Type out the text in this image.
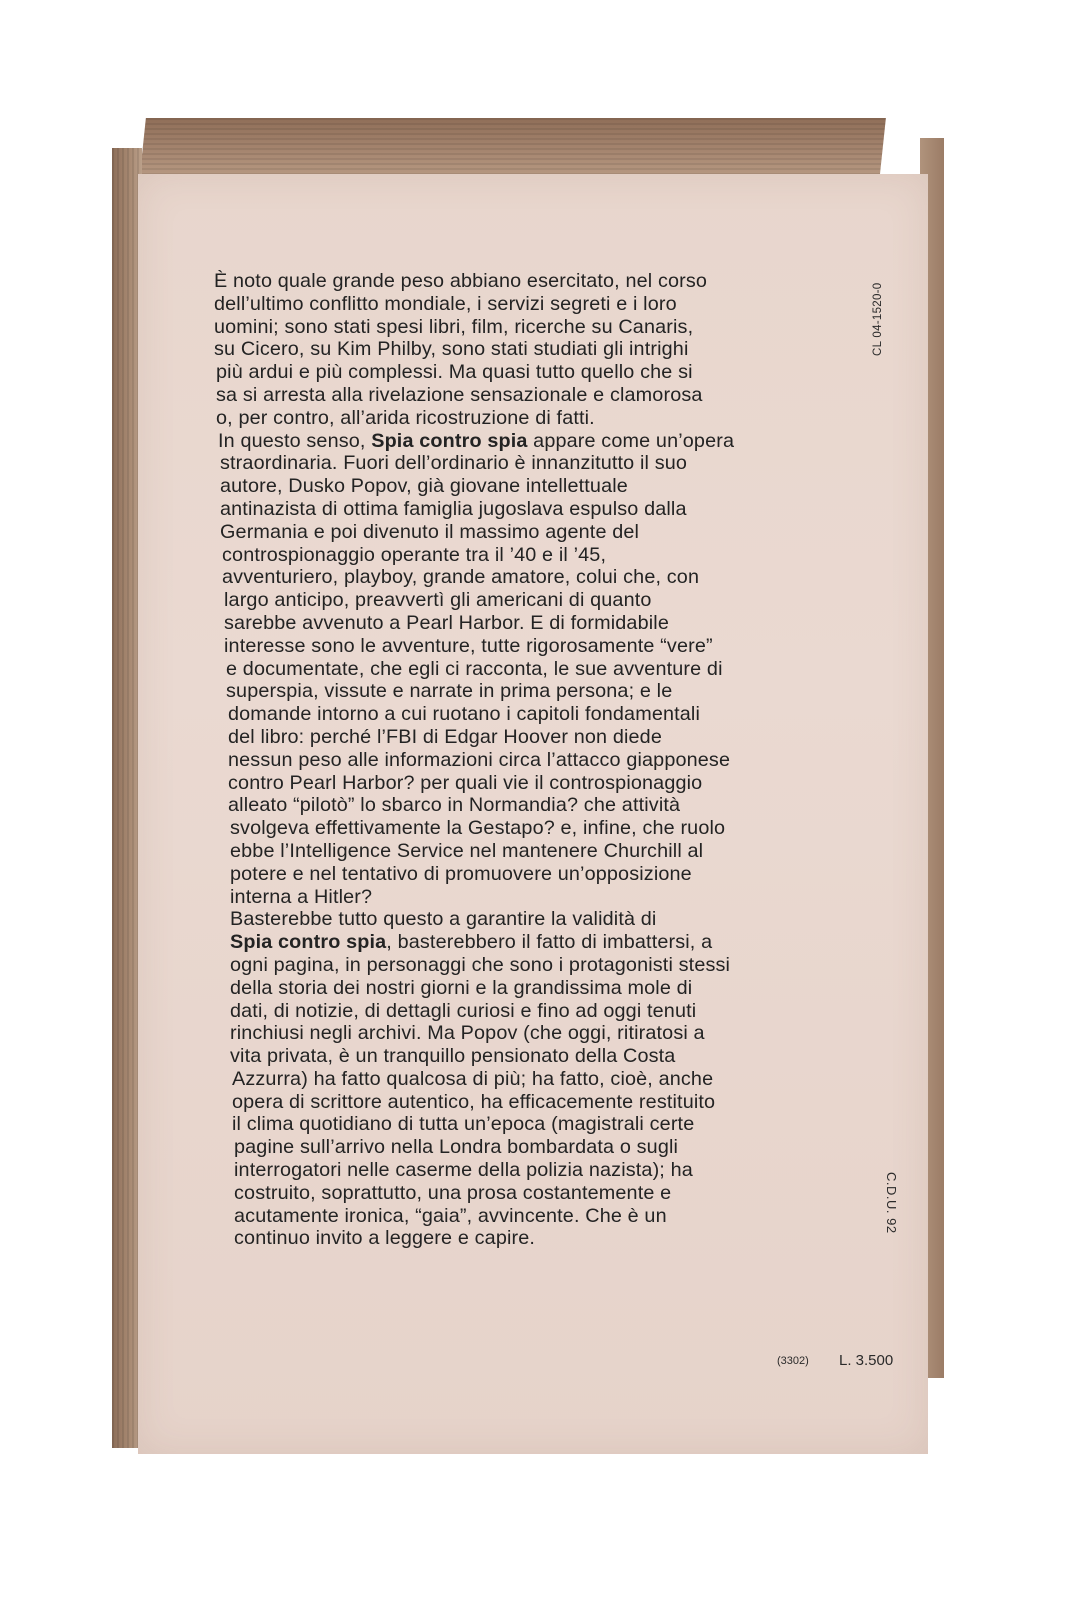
È noto quale grande peso abbiano esercitato, nel corso
dell’ultimo conflitto mondiale, i servizi segreti e i loro
uomini; sono stati spesi libri, film, ricerche su Canaris,
su Cicero, su Kim Philby, sono stati studiati gli intrighi
più ardui e più complessi. Ma quasi tutto quello che si
sa si arresta alla rivelazione sensazionale e clamorosa
o, per contro, all’arida ricostruzione di fatti.
In questo senso, Spia contro spia appare come un’opera
straordinaria. Fuori dell’ordinario è innanzitutto il suo
autore, Dusko Popov, già giovane intellettuale
antinazista di ottima famiglia jugoslava espulso dalla
Germania e poi divenuto il massimo agente del
controspionaggio operante tra il ’40 e il ’45,
avventuriero, playboy, grande amatore, colui che, con
largo anticipo, preavvertì gli americani di quanto
sarebbe avvenuto a Pearl Harbor. E di formidabile
interesse sono le avventure, tutte rigorosamente “vere”
e documentate, che egli ci racconta, le sue avventure di
superspia, vissute e narrate in prima persona; e le
domande intorno a cui ruotano i capitoli fondamentali
del libro: perché l’FBI di Edgar Hoover non diede
nessun peso alle informazioni circa l’attacco giapponese
contro Pearl Harbor? per quali vie il controspionaggio
alleato “pilotò” lo sbarco in Normandia? che attività
svolgeva effettivamente la Gestapo? e, infine, che ruolo
ebbe l’Intelligence Service nel mantenere Churchill al
potere e nel tentativo di promuovere un’opposizione
interna a Hitler?
Basterebbe tutto questo a garantire la validità di
Spia contro spia, basterebbero il fatto di imbattersi, a
ogni pagina, in personaggi che sono i protagonisti stessi
della storia dei nostri giorni e la grandissima mole di
dati, di notizie, di dettagli curiosi e fino ad oggi tenuti
rinchiusi negli archivi. Ma Popov (che oggi, ritiratosi a
vita privata, è un tranquillo pensionato della Costa
Azzurra) ha fatto qualcosa di più; ha fatto, cioè, anche
opera di scrittore autentico, ha efficacemente restituito
il clima quotidiano di tutta un’epoca (magistrali certe
pagine sull’arrivo nella Londra bombardata o sugli
interrogatori nelle caserme della polizia nazista); ha
costruito, soprattutto, una prosa costantemente e
acutamente ironica, “gaia”, avvincente. Che è un
continuo invito a leggere e capire.
CL 04-1520-0
C.D.U. 92
(3302) L. 3.500
